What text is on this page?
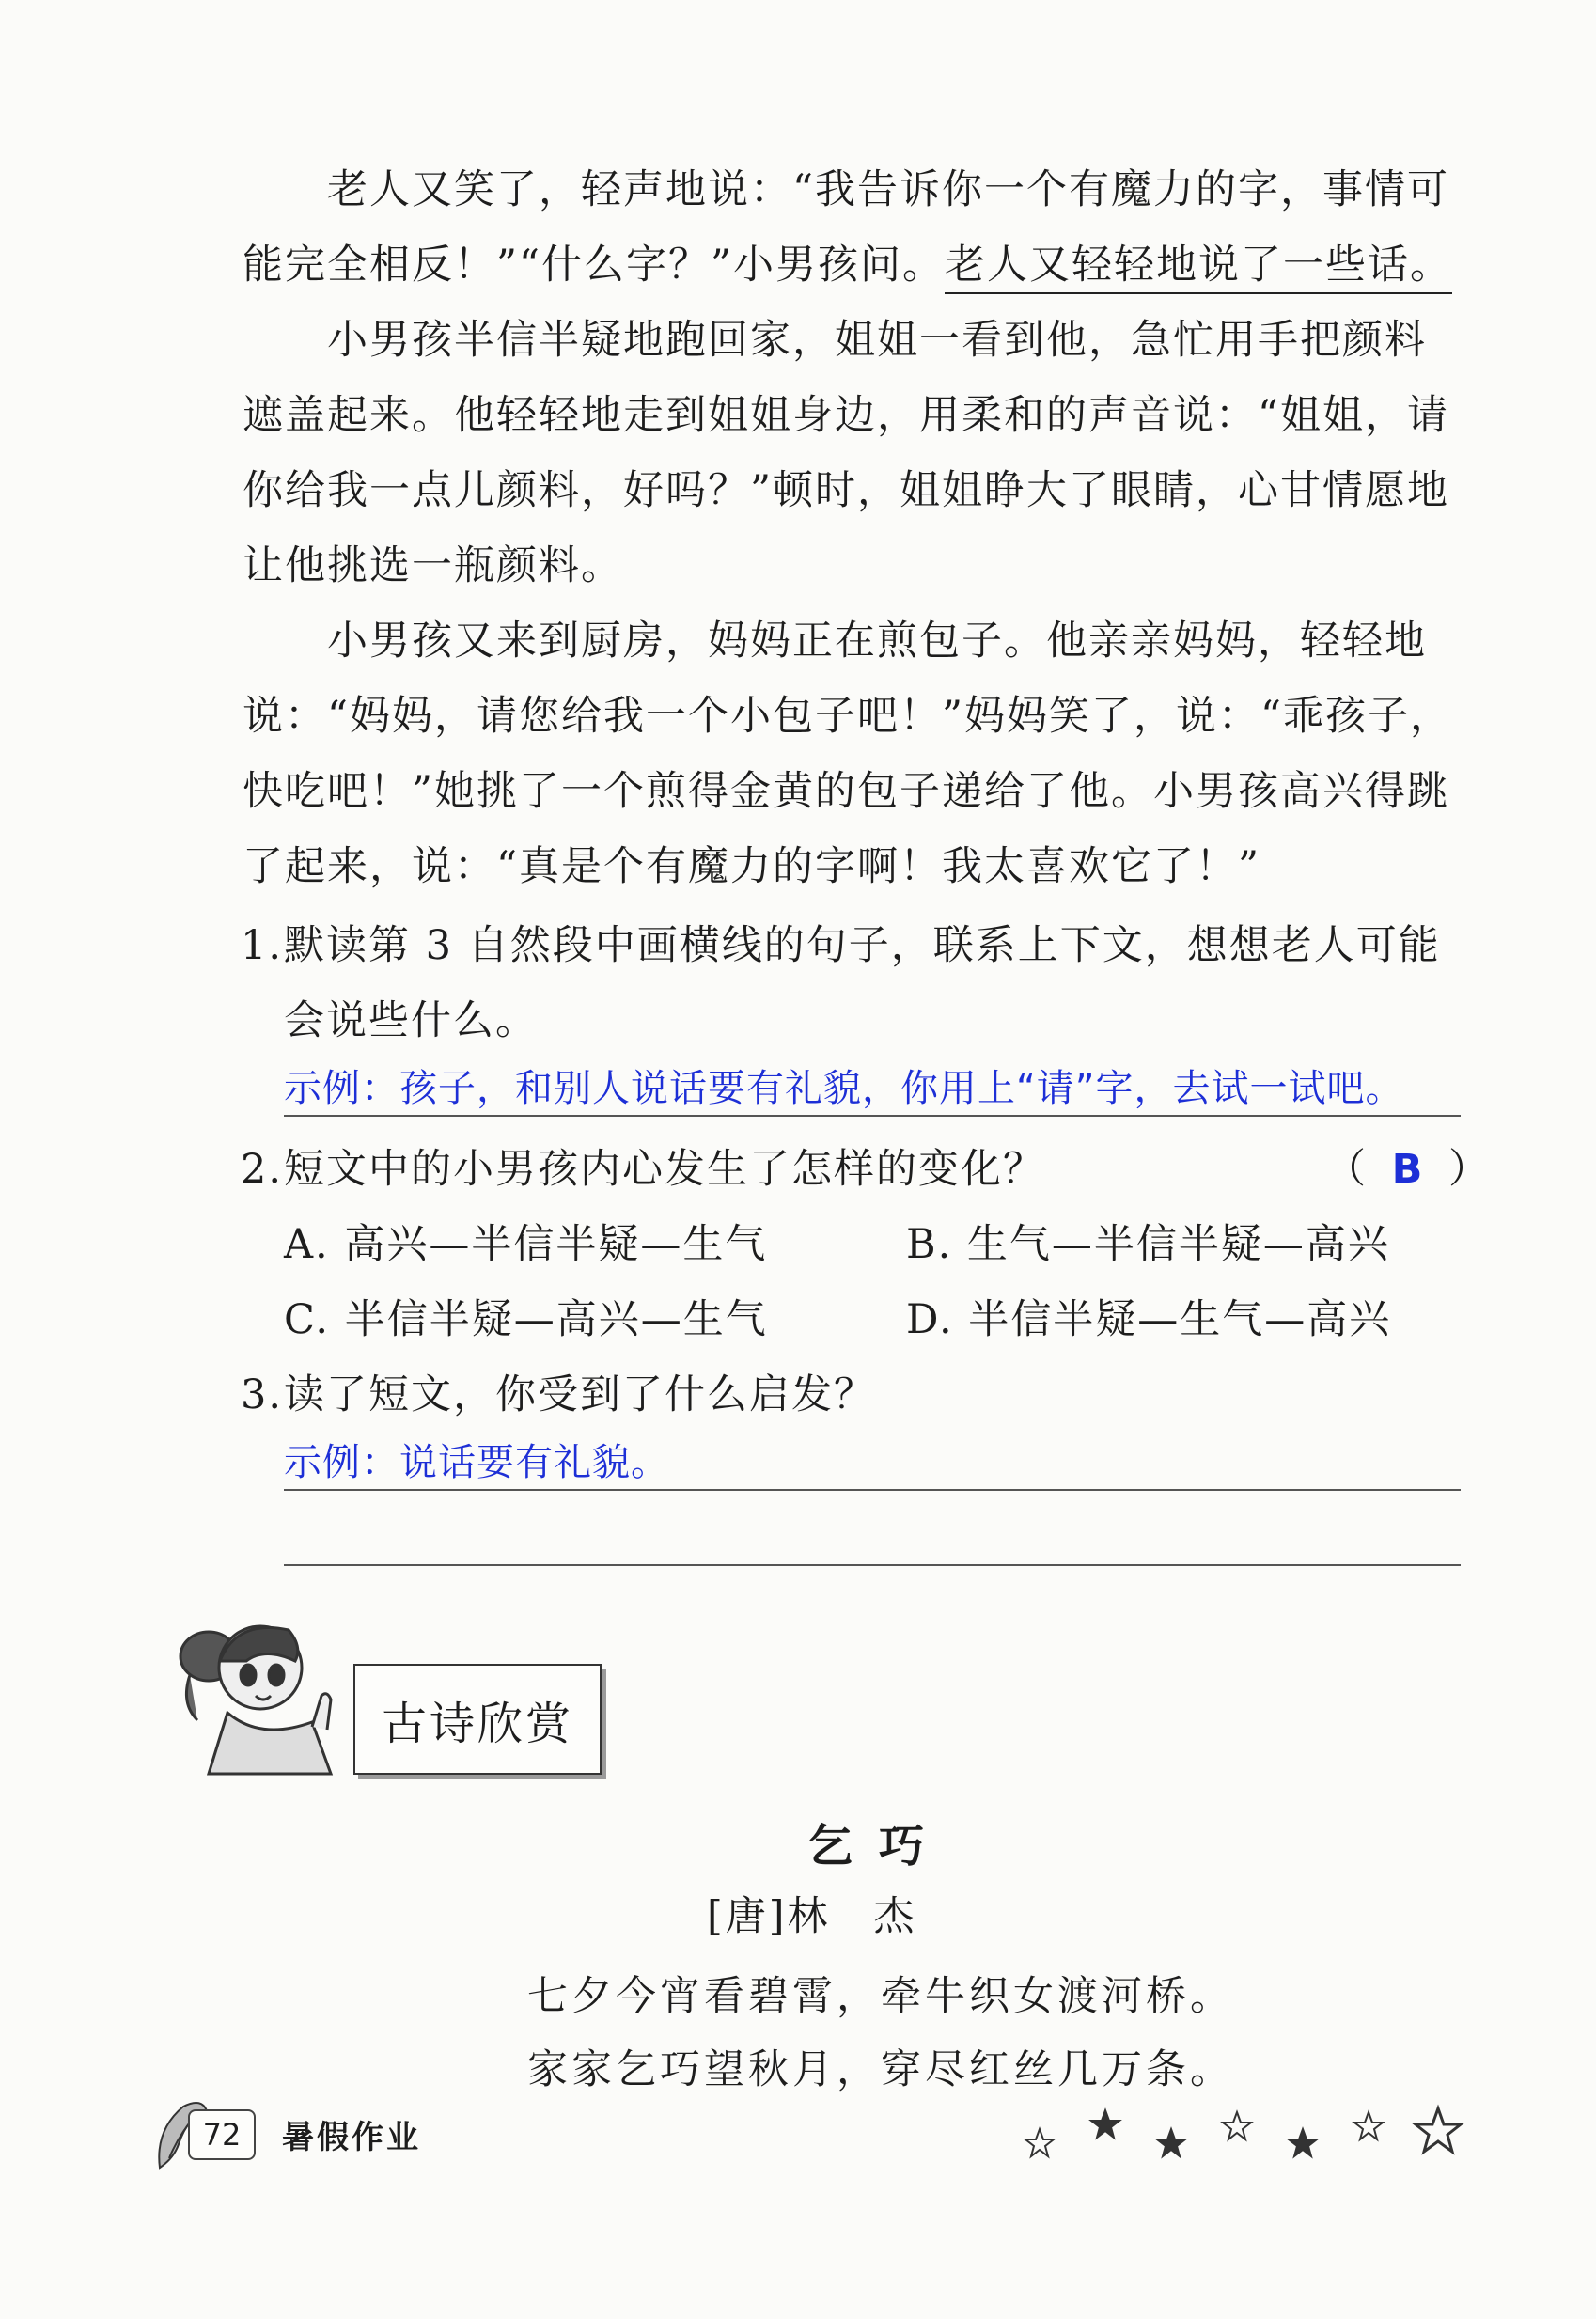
老人又笑了，轻声地说：“我告诉你一个有魔力的字，事情可能完全相反！”“什么字？”小男孩问。老人又轻轻地说了一些话。

小男孩半信半疑地跑回家，姐姐一看到他，急忙用手把颜料遮盖起来。他轻轻地走到姐姐身边，用柔和的声音说：“姐姐，请你给我一点儿颜料，好吗？”顿时，姐姐睁大了眼睛，心甘情愿地让他挑选一瓶颜料。

小男孩又来到厨房，妈妈正在煎包子。他亲亲妈妈，轻轻地说：“妈妈，请您给我一个小包子吧！”妈妈笑了，说：“乖孩子，快吃吧！”她挑了一个煎得金黄的包子递给了他。小男孩高兴得跳了起来，说：“真是个有魔力的字啊！我太喜欢它了！”

1.默读第 3 自然段中画横线的句子，联系上下文，想想老人可能
会说些什么。
示例：孩子，和别人说话要有礼貌，你用上“请”字，去试一试吧。
2.短文中的小男孩内心发生了怎样的变化？	（ B ）
A. 高兴—半信半疑—生气	B. 生气—半信半疑—高兴
C. 半信半疑—高兴—生气	D. 半信半疑—生气—高兴
3.读了短文，你受到了什么启发？
示例：说话要有礼貌。
古诗欣赏
乞巧
[唐]林　杰
七夕今宵看碧霄，牵牛织女渡河桥。
家家乞巧望秋月，穿尽红丝几万条。
72	暑假作业
